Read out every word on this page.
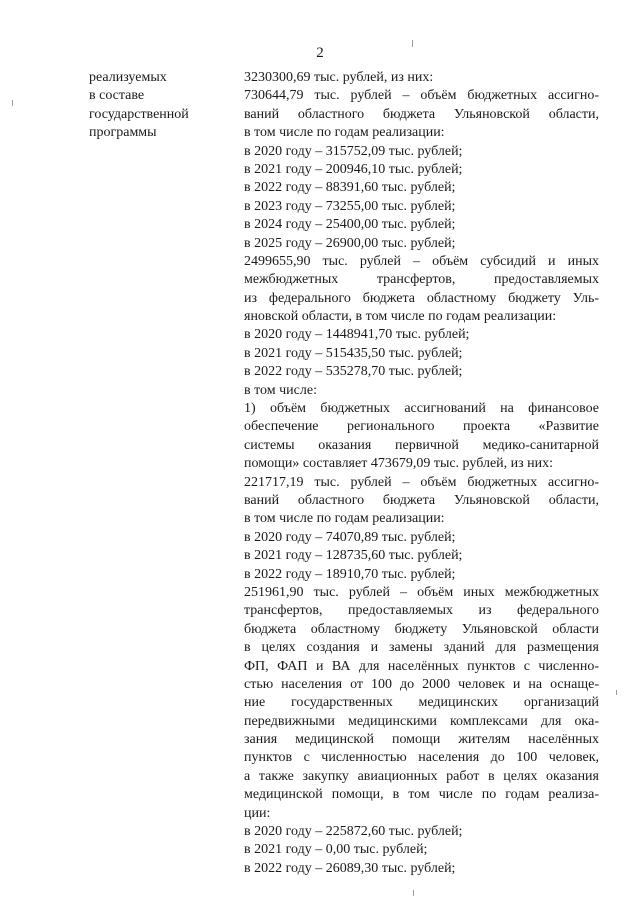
2
реализуемых
в составе
государственной
программы
3230300,69 тыс. рублей, из них:
730644,79 тыс. рублей – объём бюджетных ассигно-
ваний областного бюджета Ульяновской области,
в том числе по годам реализации:
в 2020 году – 315752,09 тыс. рублей;
в 2021 году – 200946,10 тыс. рублей;
в 2022 году – 88391,60 тыс. рублей;
в 2023 году – 73255,00 тыс. рублей;
в 2024 году – 25400,00 тыс. рублей;
в 2025 году – 26900,00 тыс. рублей;
2499655,90 тыс. рублей – объём субсидий и иных
межбюджетных трансфертов, предоставляемых
из федерального бюджета областному бюджету Уль-
яновской области, в том числе по годам реализации:
в 2020 году – 1448941,70 тыс. рублей;
в 2021 году – 515435,50 тыс. рублей;
в 2022 году – 535278,70 тыс. рублей;
в том числе:
1) объём бюджетных ассигнований на финансовое
обеспечение регионального проекта «Развитие
системы оказания первичной медико-санитарной
помощи» составляет 473679,09 тыс. рублей, из них:
221717,19 тыс. рублей – объём бюджетных ассигно-
ваний областного бюджета Ульяновской области,
в том числе по годам реализации:
в 2020 году – 74070,89 тыс. рублей;
в 2021 году – 128735,60 тыс. рублей;
в 2022 году – 18910,70 тыс. рублей;
251961,90 тыс. рублей – объём иных межбюджетных
трансфертов, предоставляемых из федерального
бюджета областному бюджету Ульяновской области
в целях создания и замены зданий для размещения
ФП, ФАП и ВА для населённых пунктов с численно-
стью населения от 100 до 2000 человек и на оснаще-
ние государственных медицинских организаций
передвижными медицинскими комплексами для ока-
зания медицинской помощи жителям населённых
пунктов с численностью населения до 100 человек,
а также закупку авиационных работ в целях оказания
медицинской помощи, в том числе по годам реализа-
ции:
в 2020 году – 225872,60 тыс. рублей;
в 2021 году – 0,00 тыс. рублей;
в 2022 году – 26089,30 тыс. рублей;
